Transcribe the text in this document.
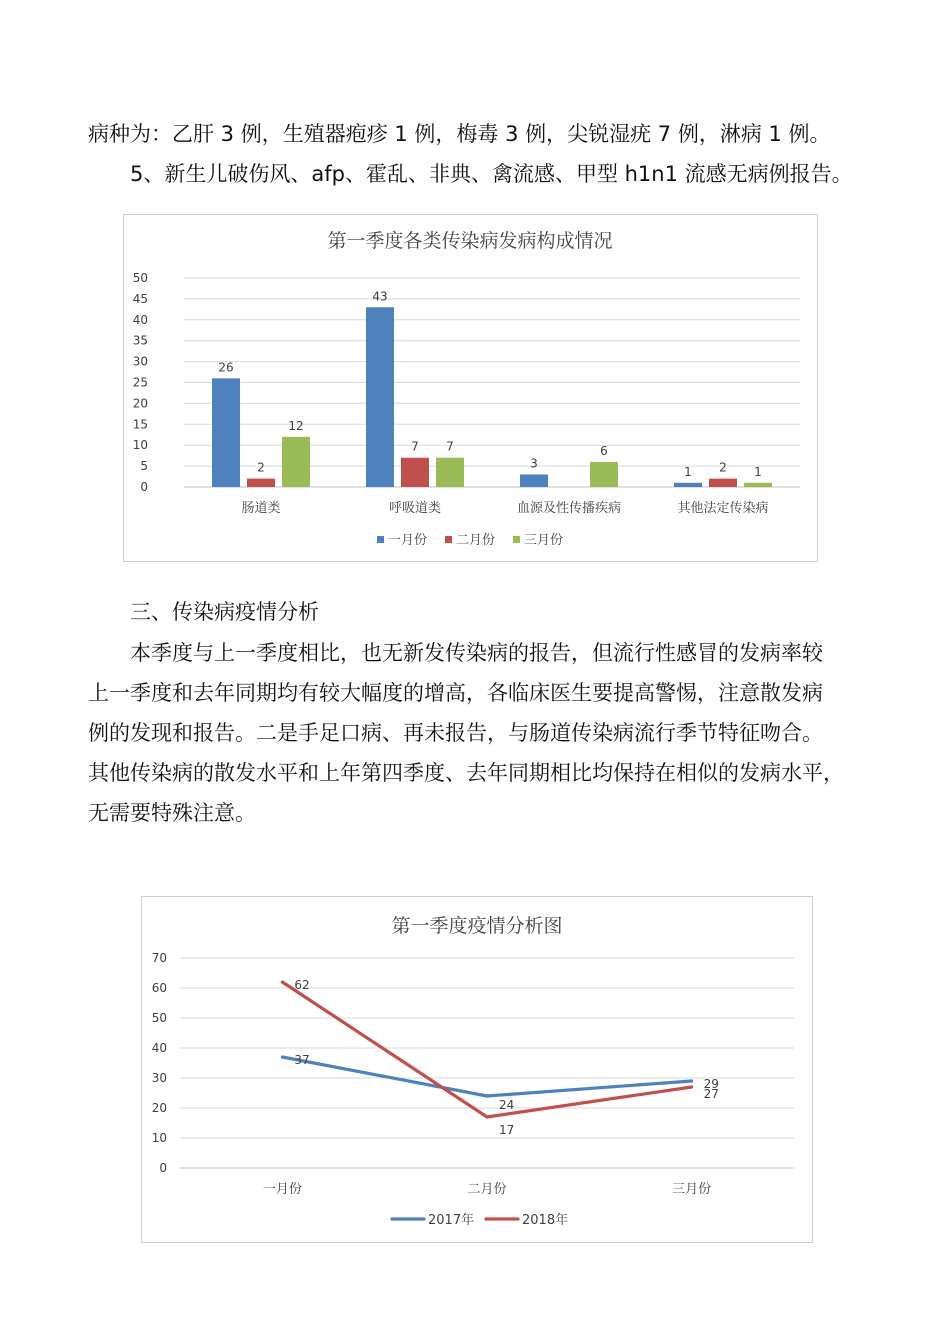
病种为：乙肝 3 例，生殖器疱疹 1 例，梅毒 3 例，尖锐湿疣 7 例，淋病 1 例。
5、新生儿破伤风、afp、霍乱、非典、禽流感、甲型 h1n1 流感无病例报告。
第一季度各类传染病发病构成情况
0
5
10
15
20
25
30
35
40
45
50
肠道类
26
2
12
呼吸道类
43
7 7
血源及性传播疾病
3
6
其他法定传染病
1 2 1
一月份 二月份 三月份
三、传染病疫情分析
本季度与上一季度相比，也无新发传染病的报告，但流行性感冒的发病率较
上一季度和去年同期均有较大幅度的增高，各临床医生要提高警惕，注意散发病
例的发现和报告。二是手足口病、再未报告，与肠道传染病流行季节特征吻合。
其他传染病的散发水平和上年第四季度、去年同期相比均保持在相似的发病水平，
无需要特殊注意。
第一季度疫情分析图
0
10
20
30
40
50
60
70
一月份	二月份	三月份
37
24
29
62
17
27
2017年	2018年
